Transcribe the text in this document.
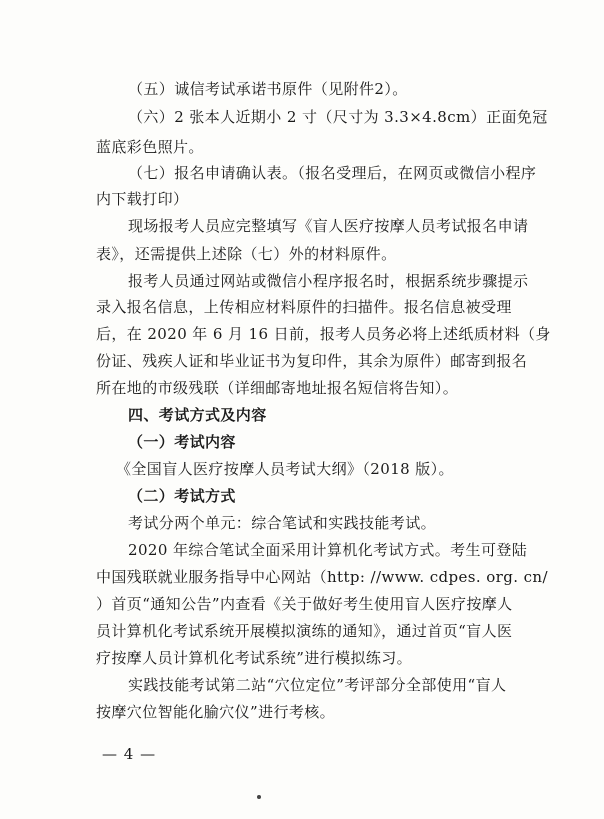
（五）诚信考试承诺书原件（见附件2）。
（六）2 张本人近期小 2 寸（尺寸为 3.3×4.8cm）正面免冠
蓝底彩色照片。
（七）报名申请确认表。（报名受理后，在网页或微信小程序
内下载打印）
现场报考人员应完整填写《盲人医疗按摩人员考试报名申请
表》，还需提供上述除（七）外的材料原件。
报考人员通过网站或微信小程序报名时，根据系统步骤提示
录入报名信息，上传相应材料原件的扫描件。报名信息被受理
后，在 2020 年 6 月 16 日前，报考人员务必将上述纸质材料（身
份证、残疾人证和毕业证书为复印件，其余为原件）邮寄到报名
所在地的市级残联（详细邮寄地址报名短信将告知）。
四、考试方式及内容
（一）考试内容
《全国盲人医疗按摩人员考试大纲》（2018 版）。
（二）考试方式
考试分两个单元：综合笔试和实践技能考试。
2020 年综合笔试全面采用计算机化考试方式。考生可登陆
中国残联就业服务指导中心网站（http: //www. cdpes. org. cn/
）首页“通知公告”内查看《关于做好考生使用盲人医疗按摩人
员计算机化考试系统开展模拟演练的通知》，通过首页“盲人医
疗按摩人员计算机化考试系统”进行模拟练习。
实践技能考试第二站“穴位定位”考评部分全部使用“盲人
按摩穴位智能化腧穴仪”进行考核。
— 4 —
